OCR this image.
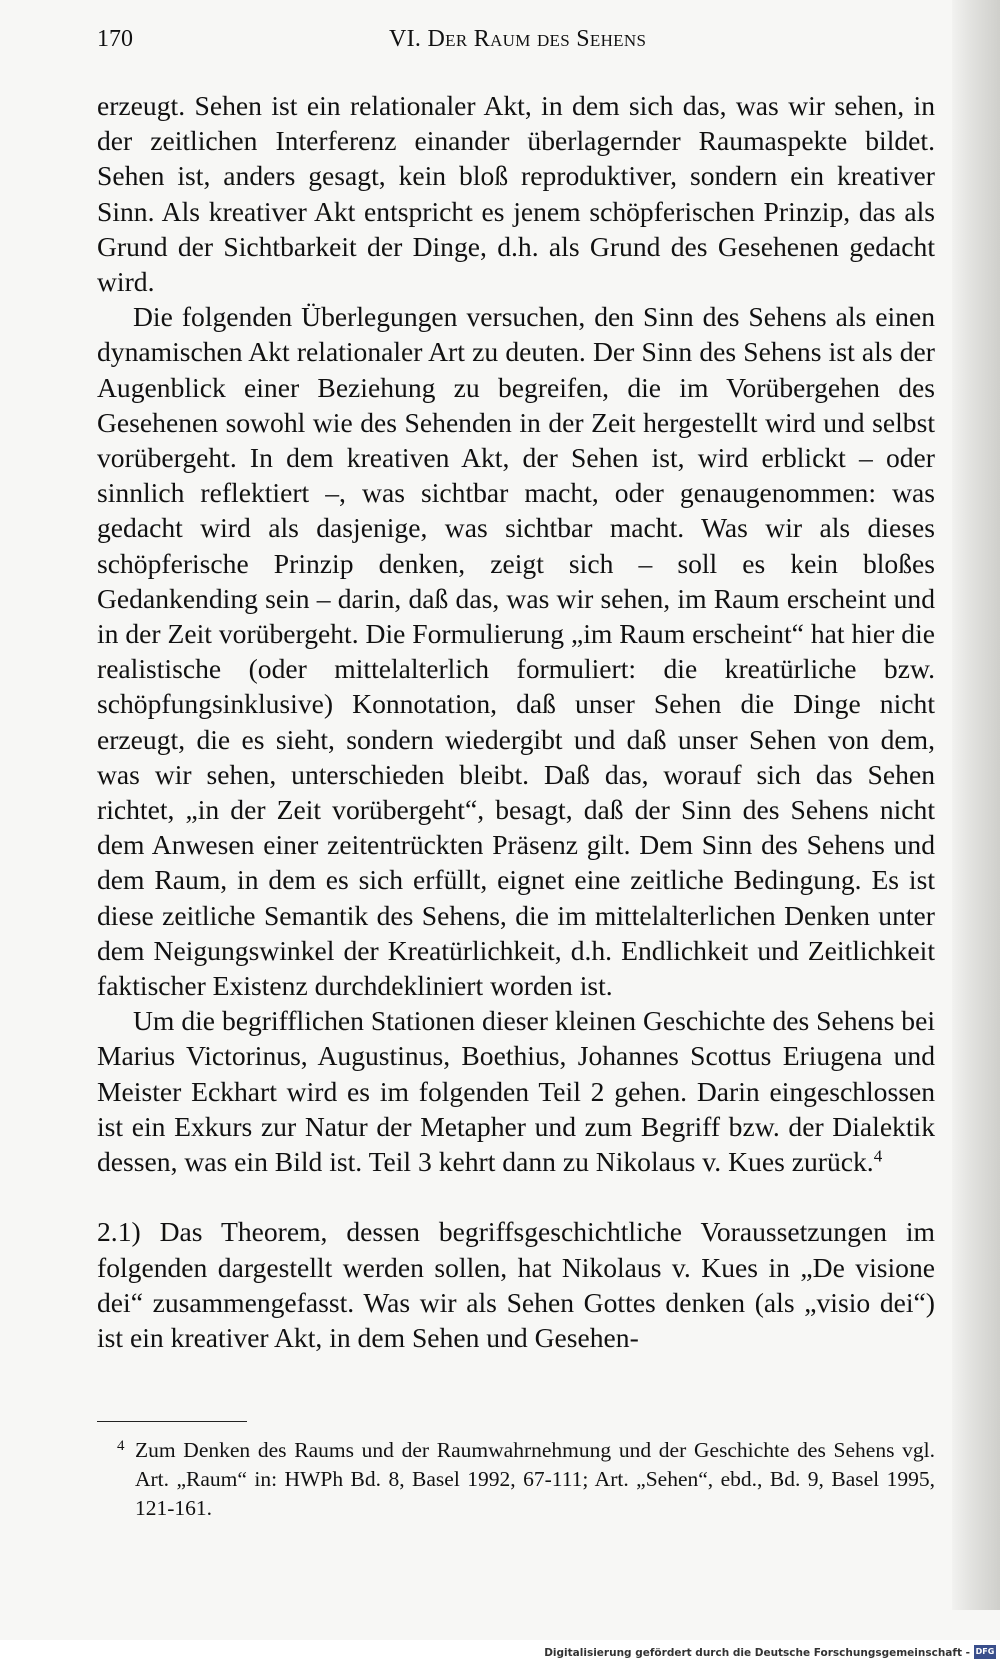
170	VI. Der Raum des Sehens

erzeugt. Sehen ist ein relationaler Akt, in dem sich das, was wir sehen, in der zeitlichen Interferenz einander überlagernder Raumaspekte bildet. Sehen ist, anders gesagt, kein bloß reproduktiver, sondern ein kreativer Sinn. Als kreativer Akt entspricht es jenem schöpferischen Prinzip, das als Grund der Sichtbarkeit der Dinge, d.h. als Grund des Gesehenen gedacht wird.

Die folgenden Überlegungen versuchen, den Sinn des Sehens als einen dynamischen Akt relationaler Art zu deuten. Der Sinn des Sehens ist als der Augenblick einer Beziehung zu begreifen, die im Vorübergehen des Gesehenen sowohl wie des Sehenden in der Zeit hergestellt wird und selbst vorübergeht. In dem kreativen Akt, der Sehen ist, wird erblickt – oder sinnlich reflektiert –, was sichtbar macht, oder genaugenommen: was gedacht wird als dasjenige, was sichtbar macht. Was wir als dieses schöpferische Prinzip denken, zeigt sich – soll es kein bloßes Gedankending sein – darin, daß das, was wir sehen, im Raum erscheint und in der Zeit vorübergeht. Die Formulierung „im Raum erscheint“ hat hier die realistische (oder mittelalterlich formuliert: die kreatürliche bzw. schöpfungsinklusive) Konnotation, daß unser Sehen die Dinge nicht erzeugt, die es sieht, sondern wiedergibt und daß unser Sehen von dem, was wir sehen, unterschieden bleibt. Daß das, worauf sich das Sehen richtet, „in der Zeit vorübergeht“, besagt, daß der Sinn des Sehens nicht dem Anwesen einer zeitentrückten Präsenz gilt. Dem Sinn des Sehens und dem Raum, in dem es sich erfüllt, eignet eine zeitliche Bedingung. Es ist diese zeitliche Semantik des Sehens, die im mittelalterlichen Denken unter dem Neigungswinkel der Kreatürlichkeit, d.h. Endlichkeit und Zeitlichkeit faktischer Existenz durchdekliniert worden ist.

Um die begrifflichen Stationen dieser kleinen Geschichte des Sehens bei Marius Victorinus, Augustinus, Boethius, Johannes Scottus Eriugena und Meister Eckhart wird es im folgenden Teil 2 gehen. Darin eingeschlossen ist ein Exkurs zur Natur der Metapher und zum Begriff bzw. der Dialektik dessen, was ein Bild ist. Teil 3 kehrt dann zu Nikolaus v. Kues zurück.$^4$

2.1) Das Theorem, dessen begriffsgeschichtliche Voraussetzungen im folgenden dargestellt werden sollen, hat Nikolaus v. Kues in „De visione dei“ zusammengefasst. Was wir als Sehen Gottes denken (als „visio dei“) ist ein kreativer Akt, in dem Sehen und Gesehen-

4 Zum Denken des Raums und der Raumwahrnehmung und der Geschichte des Sehens vgl. Art. „Raum“ in: HWPh Bd. 8, Basel 1992, 67-111; Art. „Sehen“, ebd., Bd. 9, Basel 1995, 121-161.
Digitalisierung gefördert durch die Deutsche Forschungsgemeinschaft - DFG
